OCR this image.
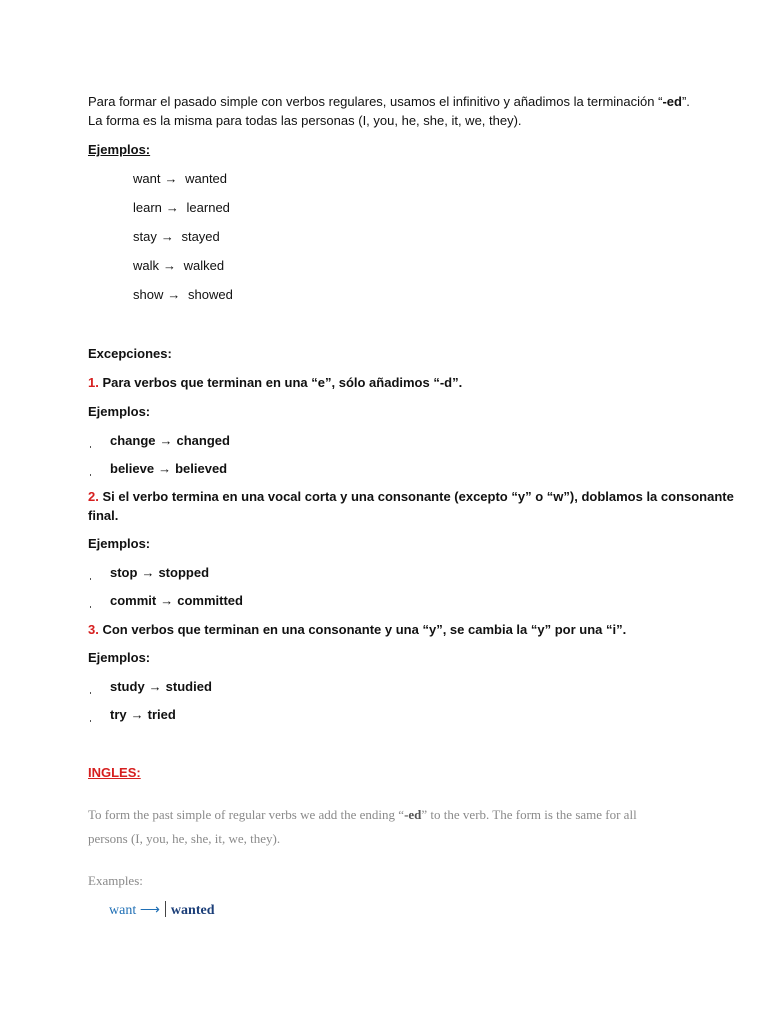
Para formar el pasado simple con verbos regulares, usamos el infinitivo y añadimos la terminación “-ed”.
La forma es la misma para todas las personas (I, you, he, she, it, we, they).
Ejemplos:
want → wanted
learn → learned
stay → stayed
walk → walked
show → showed
Excepciones:
1. Para verbos que terminan en una “e”, sólo añadimos “-d”.
Ejemplos:
change → changed
believe → believed
2. Si el verbo termina en una vocal corta y una consonante (excepto “y” o “w”), doblamos la consonante
final.
Ejemplos:
stop → stopped
commit → committed
3. Con verbos que terminan en una consonante y una “y”, se cambia la “y” por una “i”.
Ejemplos:
study → studied
try → tried
INGLES:
To form the past simple of regular verbs we add the ending “-ed” to the verb. The form is the same for all
persons (I, you, he, she, it, we, they).
Examples:
want ⟶ wanted
